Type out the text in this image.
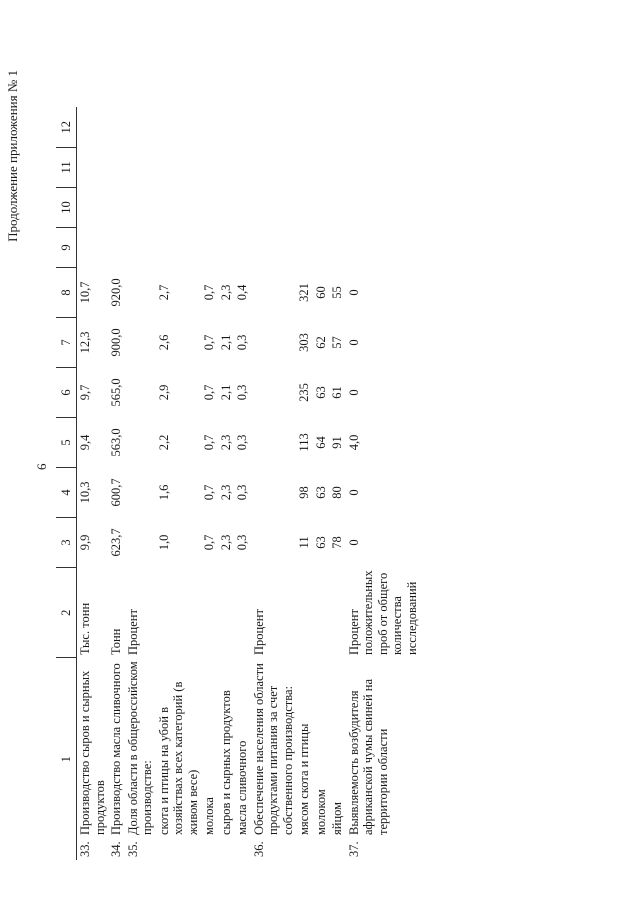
6
Продолжение приложения № 1
1		2	3	4	5	6	7	8	9	10	11	12
33.	Производство сыров и сырных продуктов	Тыс. тонн	9,9	10,3	9,4	9,7	12,3	10,7				
34.	Производство масла сливочного	Тонн	623,7	600,7	563,0	565,0	900,0	920,0				
35.	Доля области в общероссийском производстве:	Процент										
	скота и птицы на убой в хозяйствах всех категорий (в живом весе)		1,0	1,6	2,2	2,9	2,6	2,7				
	молока		0,7	0,7	0,7	0,7	0,7	0,7				
	сыров и сырных продуктов		2,3	2,3	2,3	2,1	2,1	2,3				
	масла сливочного		0,3	0,3	0,3	0,3	0,3	0,4				
36.	Обеспечение населения области продуктами питания за счет собственного производства:	Процент										
	мясом скота и птицы		11	98	113	235	303	321				
	молоком		63	63	64	63	62	60				
	яйцом		78	80	91	61	57	55				
37.	Выявляемость возбудителя африканской чумы свиней на территории области	Процент положительных проб от общего количества исследований	0	0	4,0	0	0	0				
